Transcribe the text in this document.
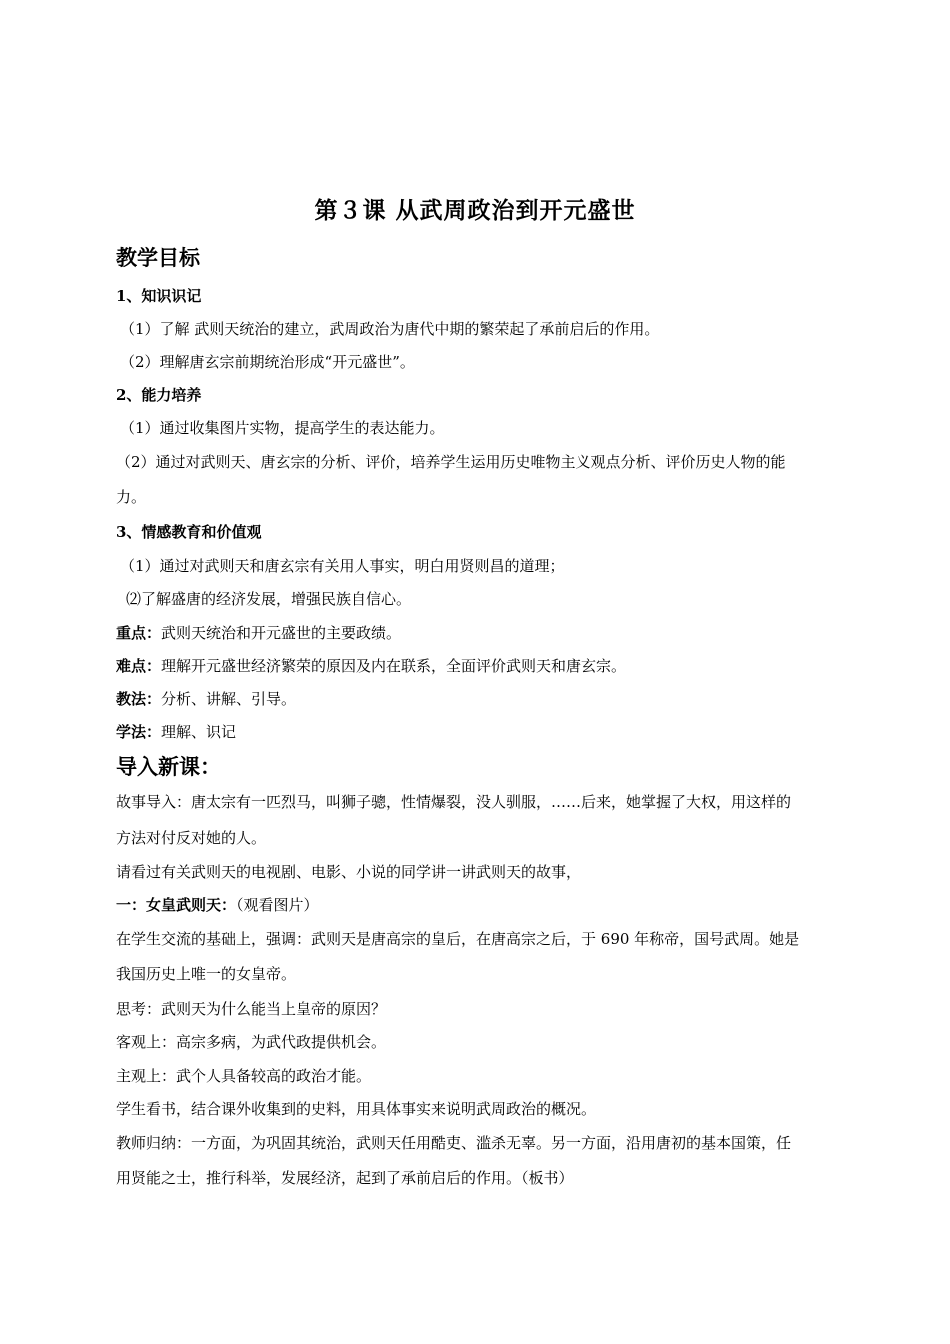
第３课 从武周政治到开元盛世
教学目标
1、知识识记
（1）了解 武则天统治的建立，武周政治为唐代中期的繁荣起了承前启后的作用。
（2）理解唐玄宗前期统治形成“开元盛世”。
2、能力培养
（1）通过收集图片实物，提高学生的表达能力。
（2）通过对武则天、唐玄宗的分析、评价，培养学生运用历史唯物主义观点分析、评价历史人物的能
力。
3、情感教育和价值观
（1）通过对武则天和唐玄宗有关用人事实，明白用贤则昌的道理；
⑵了解盛唐的经济发展，增强民族自信心。
重点：武则天统治和开元盛世的主要政绩。
难点：理解开元盛世经济繁荣的原因及内在联系，全面评价武则天和唐玄宗。
教法：分析、讲解、引导。
学法：理解、识记
导入新课：
故事导入：唐太宗有一匹烈马，叫狮子骢，性情爆裂，没人驯服，……后来，她掌握了大权，用这样的
方法对付反对她的人。
请看过有关武则天的电视剧、电影、小说的同学讲一讲武则天的故事，
一：女皇武则天：（观看图片）
在学生交流的基础上，强调：武则天是唐高宗的皇后，在唐高宗之后，于 690 年称帝，国号武周。她是
我国历史上唯一的女皇帝。
思考：武则天为什么能当上皇帝的原因？
客观上：高宗多病，为武代政提供机会。
主观上：武个人具备较高的政治才能。
学生看书，结合课外收集到的史料，用具体事实来说明武周政治的概况。
教师归纳：一方面，为巩固其统治，武则天任用酷吏、滥杀无辜。另一方面，沿用唐初的基本国策，任
用贤能之士，推行科举，发展经济，起到了承前启后的作用。（板书）
